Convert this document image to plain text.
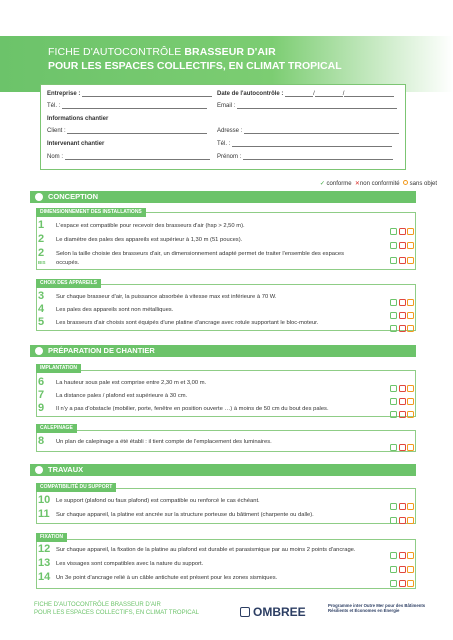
FICHE D'AUTOCONTRÔLE BRASSEUR D'AIR
POUR LES ESPACES COLLECTIFS, EN CLIMAT TROPICAL
Entreprise :	Date de l'autocontrôle :	/	/
Tél. :	Email :
Informations chantier
Client :	Adresse :
Intervenant chantier	Tél. :
Nom :	Prénom :
✓ conforme ✕non conformité sans objet
CONCEPTION
DIMENSIONNEMENT DES INSTALLATIONS
1 L'espace est compatible pour recevoir des brasseurs d'air (hsp > 2,50 m).
2 Le diamètre des pales des appareils est supérieur à 1,30 m (51 pouces).
2
BIS
Selon la taille choisie des brasseurs d'air, un dimensionnement adapté permet de traiter l'ensemble des espaces
occupés.
CHOIX DES APPAREILS
3 Sur chaque brasseur d'air, la puissance absorbée à vitesse max est inférieure à 70 W.
4 Les pales des appareils sont non métalliques.
5 Les brasseurs d'air choisis sont équipés d'une platine d'ancrage avec rotule supportant le bloc-moteur.
PRÉPARATION DE CHANTIER
IMPLANTATION
6 La hauteur sous pale est comprise entre 2,30 m et 3,00 m.
7 La distance pales / plafond est supérieure à 30 cm.
9 Il n'y a pas d'obstacle (mobilier, porte, fenêtre en position ouverte …) à moins de 50 cm du bout des pales.
CALEPINAGE
8 Un plan de calepinage a été établi : il tient compte de l'emplacement des luminaires.
TRAVAUX
COMPATIBILITÉ DU SUPPORT
10 Le support (plafond ou faux plafond) est compatible ou renforcé le cas échéant.
11 Sur chaque appareil, la platine est ancrée sur la structure porteuse du bâtiment (charpente ou dalle).
FIXATION
12 Sur chaque appareil, la fixation de la platine au plafond est durable et parasismique par au moins 2 points d'ancrage.
13 Les vissages sont compatibles avec la nature du support.
14 Un 3e point d'ancrage relié à un câble antichute est présent pour les zones sismiques.
FICHE D'AUTOCONTRÔLE BRASSEUR D'AIR
POUR LES ESPACES COLLECTIFS, EN CLIMAT TROPICAL	OMBREE	Programme inter Outre Mer pour des Bâtiments
Résilients et Économes en Énergie
